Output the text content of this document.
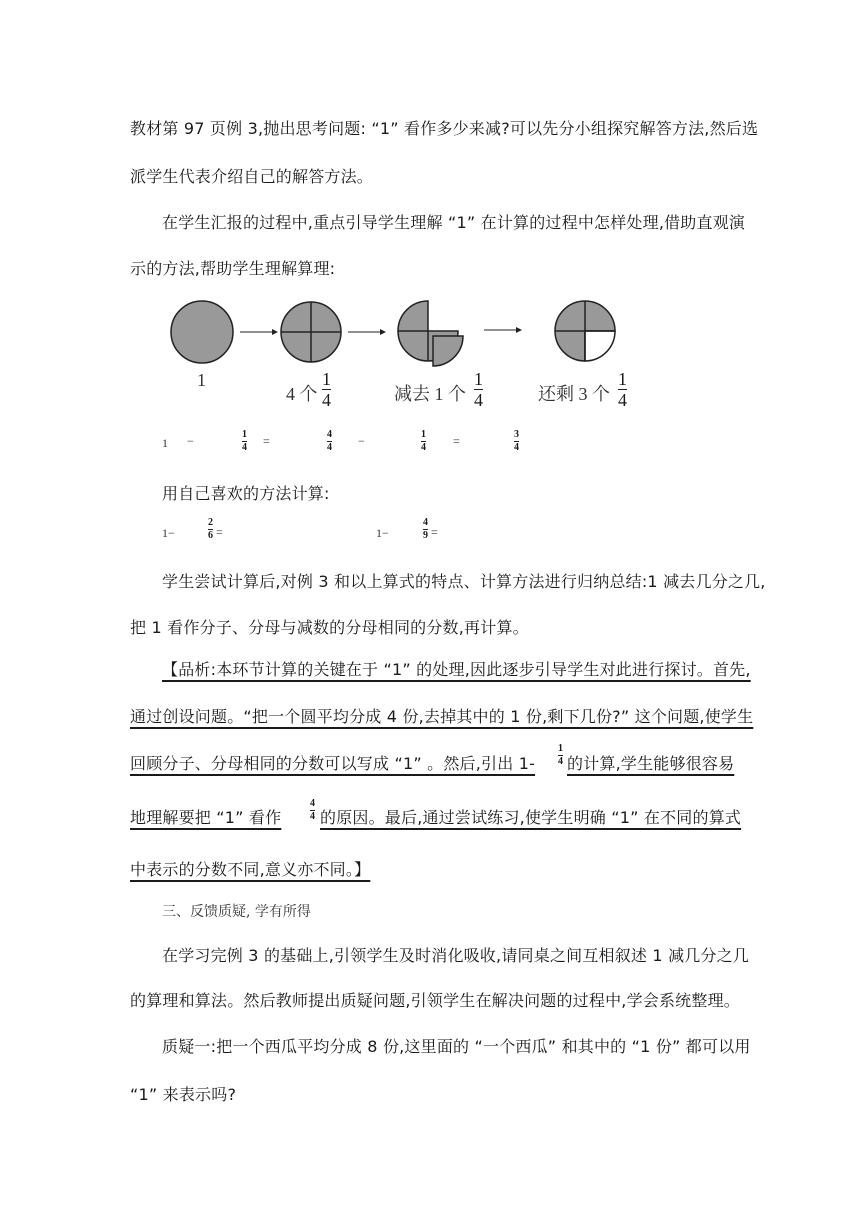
教材第 97 页例 3,抛出思考问题: “1” 看作多少来减?可以先分小组探究解答方法,然后选
派学生代表介绍自己的解答方法。
在学生汇报的过程中,重点引导学生理解 “1” 在计算的过程中怎样处理,借助直观演
示的方法,帮助学生理解算理:
1
4 个
1
4	减去 1 个
1
4	还剩 3 个
1
4
1 −	1
4 =	4
4 −	1
4 =	3
4
用自己喜欢的方法计算:
1−
2
6 =	1−
4
9 =
学生尝试计算后,对例 3 和以上算式的特点、计算方法进行归纳总结:1 减去几分之几,
把 1 看作分子、分母与减数的分母相同的分数,再计算。
【品析:本环节计算的关键在于 “1” 的处理,因此逐步引导学生对此进行探讨。首先,
通过创设问题。“把一个圆平均分成 4 份,去掉其中的 1 份,剩下几份?” 这个问题,使学生
回顾分子、分母相同的分数可以写成 “1” 。然后,引出 1-
1
4 的计算,学生能够很容易
地理解要把 “1” 看作
4
4 的原因。最后,通过尝试练习,使学生明确 “1” 在不同的算式
中表示的分数不同,意义亦不同。】
三、反馈质疑, 学有所得
在学习完例 3 的基础上,引领学生及时消化吸收,请同桌之间互相叙述 1 减几分之几
的算理和算法。然后教师提出质疑问题,引领学生在解决问题的过程中,学会系统整理。
质疑一:把一个西瓜平均分成 8 份,这里面的 “一个西瓜” 和其中的 “1 份” 都可以用
“1” 来表示吗?
